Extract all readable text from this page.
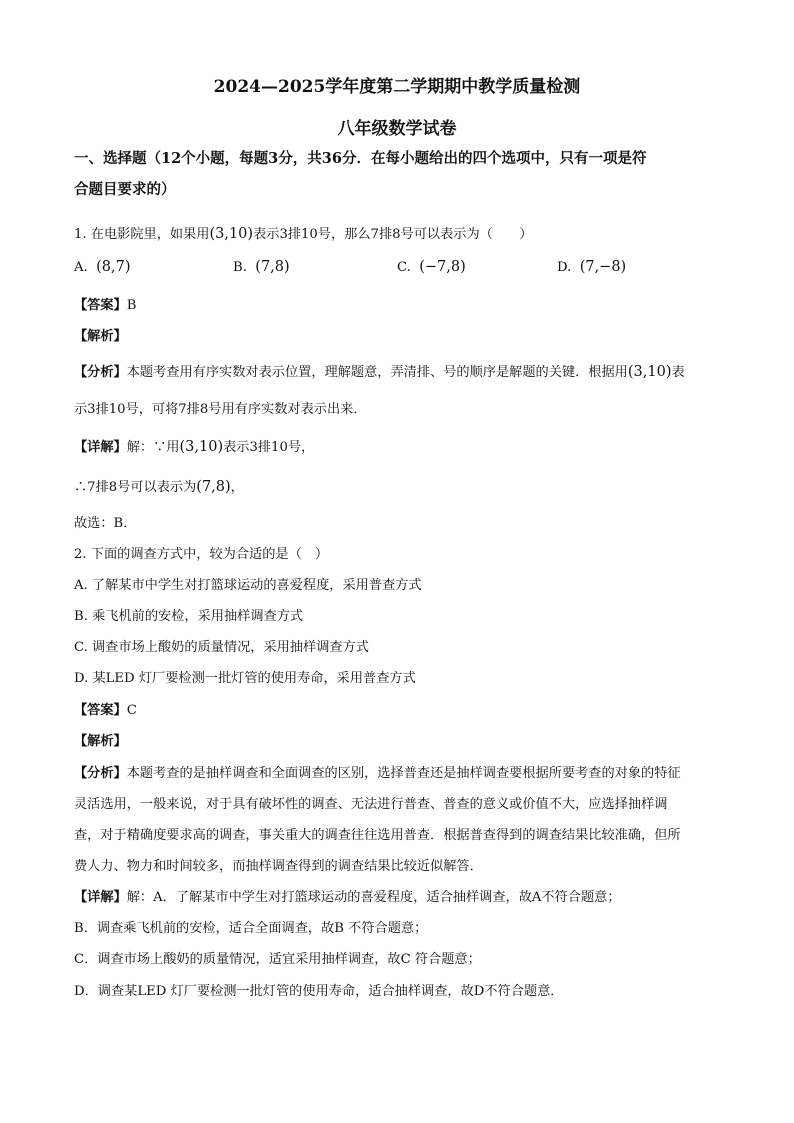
2024—2025学年度第二学期期中教学质量检测
八年级数学试卷
一、选择题（12个小题，每题3分，共36分．在每小题给出的四个选项中，只有一项是符
合题目要求的）
1. 在电影院里，如果用(3,10)表示3排10号，那么7排8号可以表示为（　　）
A. (8,7)	B. (7,8)	C. (−7,8)	D. (7,−8)
【答案】B
【解析】
【分析】本题考查用有序实数对表示位置，理解题意，弄清排、号的顺序是解题的关键．根据用(3,10)表
示3排10号，可将7排8号用有序实数对表示出来．
【详解】解：∵用(3,10)表示3排10号，
∴7排8号可以表示为(7,8)，
故选：B．
2. 下面的调查方式中，较为合适的是（　）
A. 了解某市中学生对打篮球运动的喜爱程度，采用普查方式
B. 乘飞机前的安检，采用抽样调查方式
C. 调查市场上酸奶的质量情况，采用抽样调查方式
D. 某LED 灯厂要检测一批灯管的使用寿命，采用普查方式
【答案】C
【解析】
【分析】本题考查的是抽样调查和全面调查的区别，选择普查还是抽样调查要根据所要考查的对象的特征
灵活选用，一般来说，对于具有破坏性的调查、无法进行普查、普查的意义或价值不大，应选择抽样调
查，对于精确度要求高的调查，事关重大的调查往往选用普查．根据普查得到的调查结果比较准确，但所
费人力、物力和时间较多，而抽样调查得到的调查结果比较近似解答．
【详解】解：A．了解某市中学生对打篮球运动的喜爱程度，适合抽样调查，故A不符合题意；
B．调查乘飞机前的安检，适合全面调查，故B 不符合题意；
C．调查市场上酸奶的质量情况，适宜采用抽样调查，故C 符合题意；
D．调查某LED 灯厂要检测一批灯管的使用寿命，适合抽样调查，故D不符合题意．
